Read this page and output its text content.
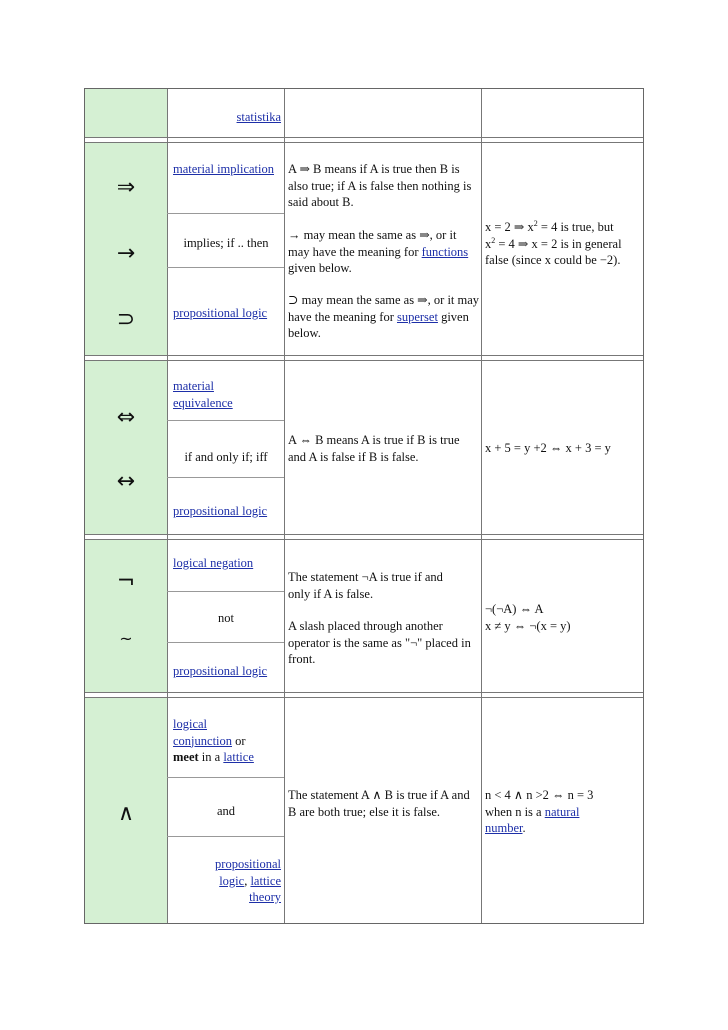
statistika
⇒
→
⊃
material implication
implies; if .. then
propositional logic
A ⇒ B means if A is true then B is also true; if A is false then nothing is said about B.
→ may mean the same as ⇒, or it may have the meaning for functions given below.
⊃ may mean the same as ⇒, or it may have the meaning for superset given below.
x = 2 ⇒ $x^2 = 4$ is true, but
$x^2 = 4$ ⇒ x = 2 is in general false (since x could be −2).
⇔
↔
material equivalence
if and only if; iff
propositional logic
A ⇔ B means A is true if B is true and A is false if B is false.
x + 5 = y +2 ⇔ x + 3 = y
¬
~
logical negation
not
propositional logic
The statement ¬A is true if and only if A is false.
A slash placed through another operator is the same as "¬" placed in front.
¬(¬A) ⇔ A
x ≠ y ⇔ ¬(x = y)
∧
logical
conjunction or
meet in a lattice
and
propositional
logic, lattice
theory
The statement A ∧ B is true if A and B are both true; else it is false.
n < 4 ∧ n >2 ⇔ n = 3
when n is a natural
number.
